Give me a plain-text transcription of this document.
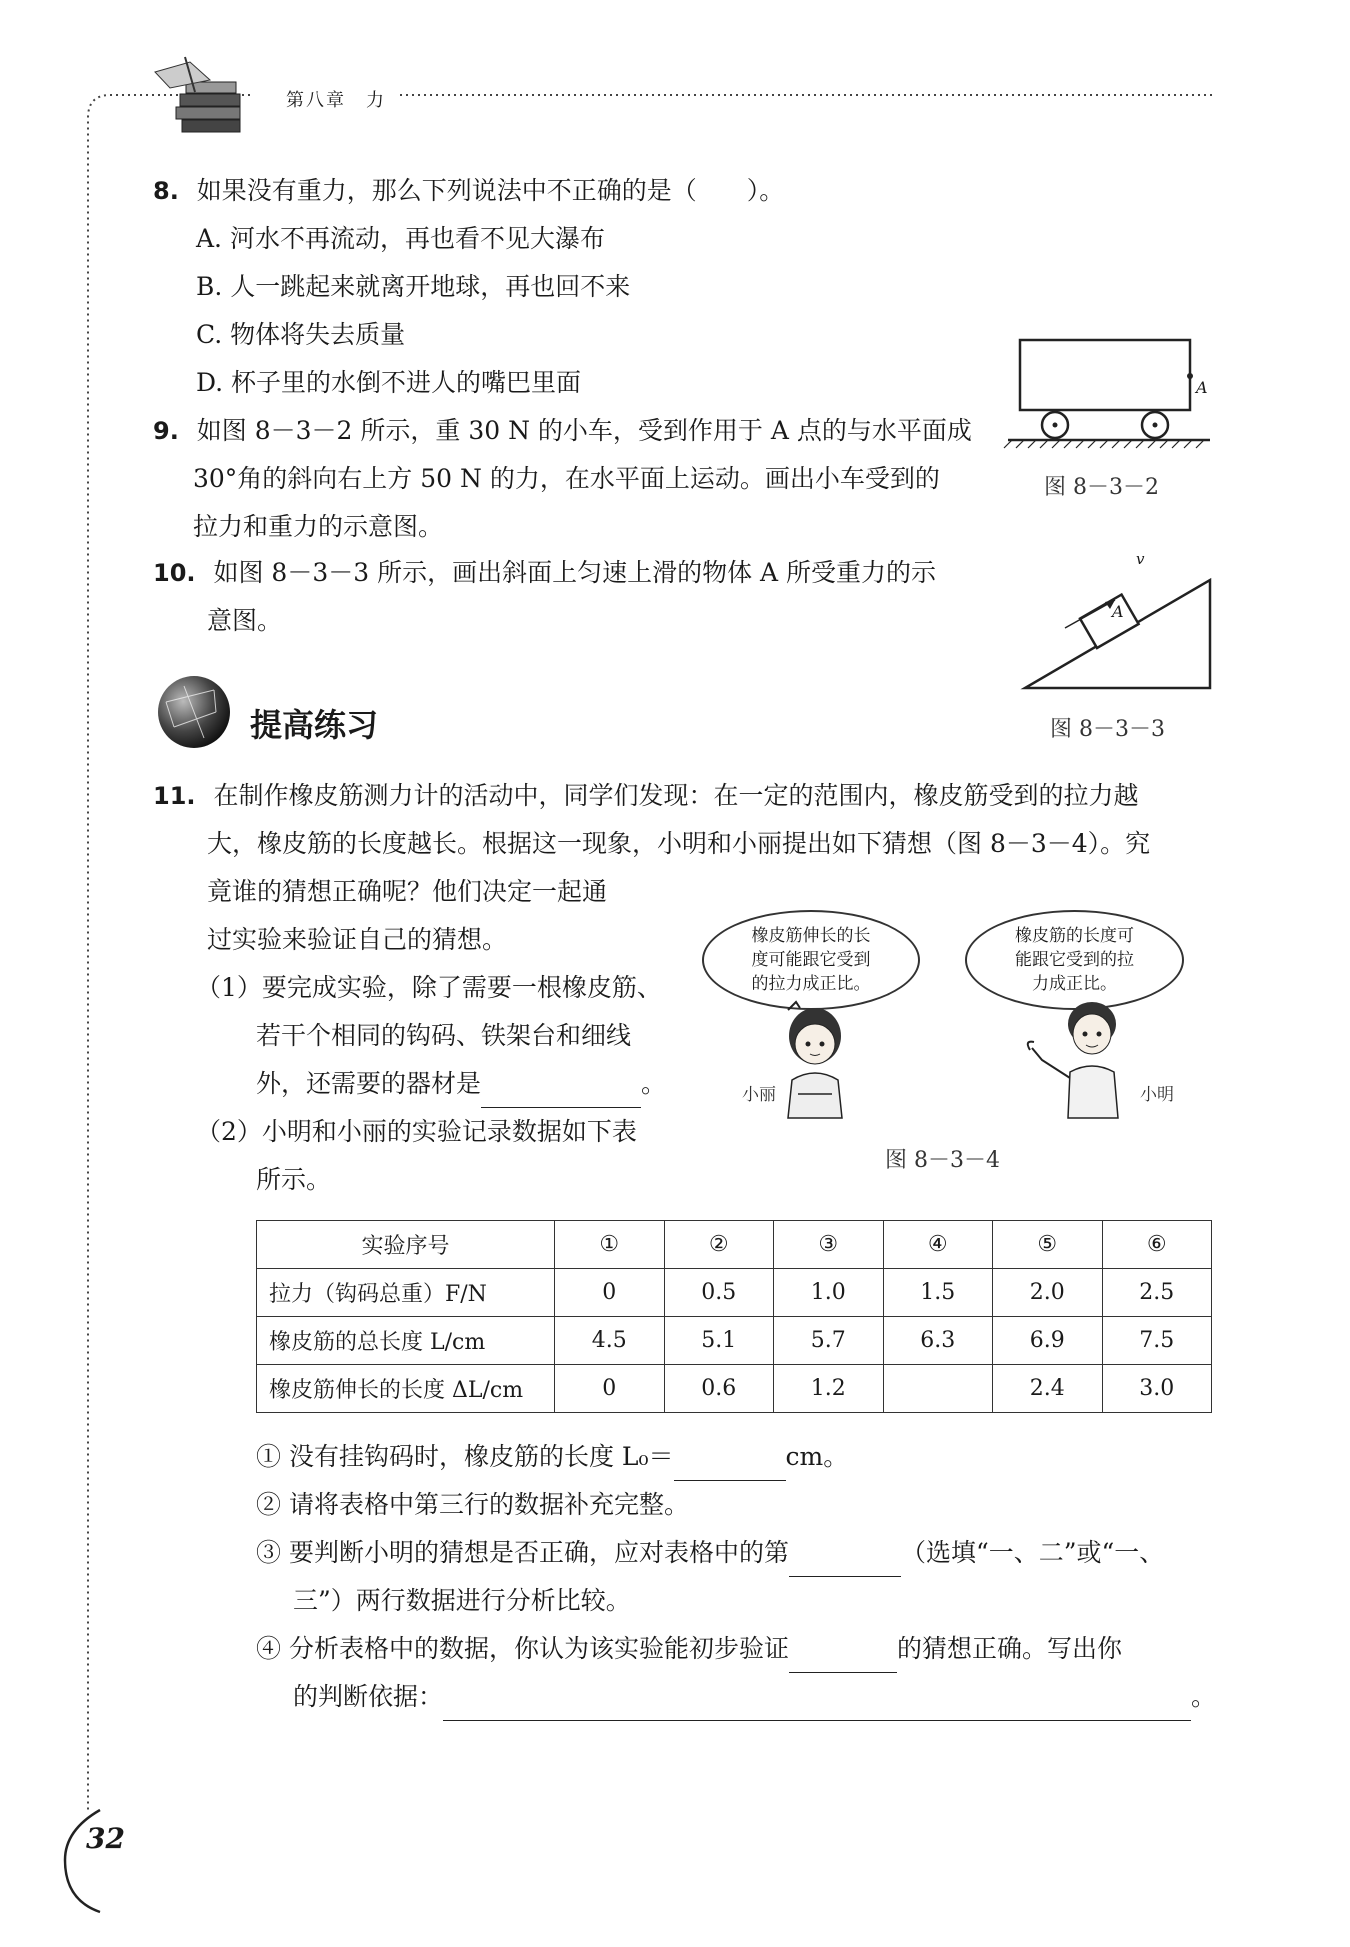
第八章　力
8. 如果没有重力，那么下列说法中不正确的是（　　）。
A. 河水不再流动，再也看不见大瀑布
B. 人一跳起来就离开地球，再也回不来
C. 物体将失去质量
D. 杯子里的水倒不进人的嘴巴里面	A
图 8－3－2
9. 如图 8－3－2 所示，重 30 N 的小车，受到作用于 A 点的与水平面成
30°角的斜向右上方 50 N 的力，在水平面上运动。画出小车受到的
拉力和重力的示意图。
10. 如图 8－3－3 所示，画出斜面上匀速上滑的物体 A 所受重力的示
意图。	A
v
图 8－3－3
提高练习
11. 在制作橡皮筋测力计的活动中，同学们发现：在一定的范围内，橡皮筋受到的拉力越
大，橡皮筋的长度越长。根据这一现象，小明和小丽提出如下猜想（图 8－3－4）。究
竟谁的猜想正确呢？他们决定一起通
过实验来验证自己的猜想。
（1）要完成实验，除了需要一根橡皮筋、
若干个相同的钩码、铁架台和细线
外，还需要的器材是	。
（2）小明和小丽的实验记录数据如下表
所示。
橡皮筋伸长的长
度可能跟它受到
的拉力成正比。
橡皮筋的长度可
能跟它受到的拉
力成正比。
小丽	小明
图 8－3－4
实验序号	①	②	③	④	⑤	⑥
拉力（钩码总重）F/N	0	0.5	1.0	1.5	2.0	2.5
橡皮筋的总长度 L/cm	4.5	5.1	5.7	6.3	6.9	7.5
橡皮筋伸长的长度 ΔL/cm	0	0.6	1.2		2.4	3.0
① 没有挂钩码时，橡皮筋的长度 L₀＝	cm。
② 请将表格中第三行的数据补充完整。
③ 要判断小明的猜想是否正确，应对表格中的第	（选填“一、二”或“一、
三”）两行数据进行分析比较。
④ 分析表格中的数据，你认为该实验能初步验证	的猜想正确。写出你
的判断依据：	。
32
